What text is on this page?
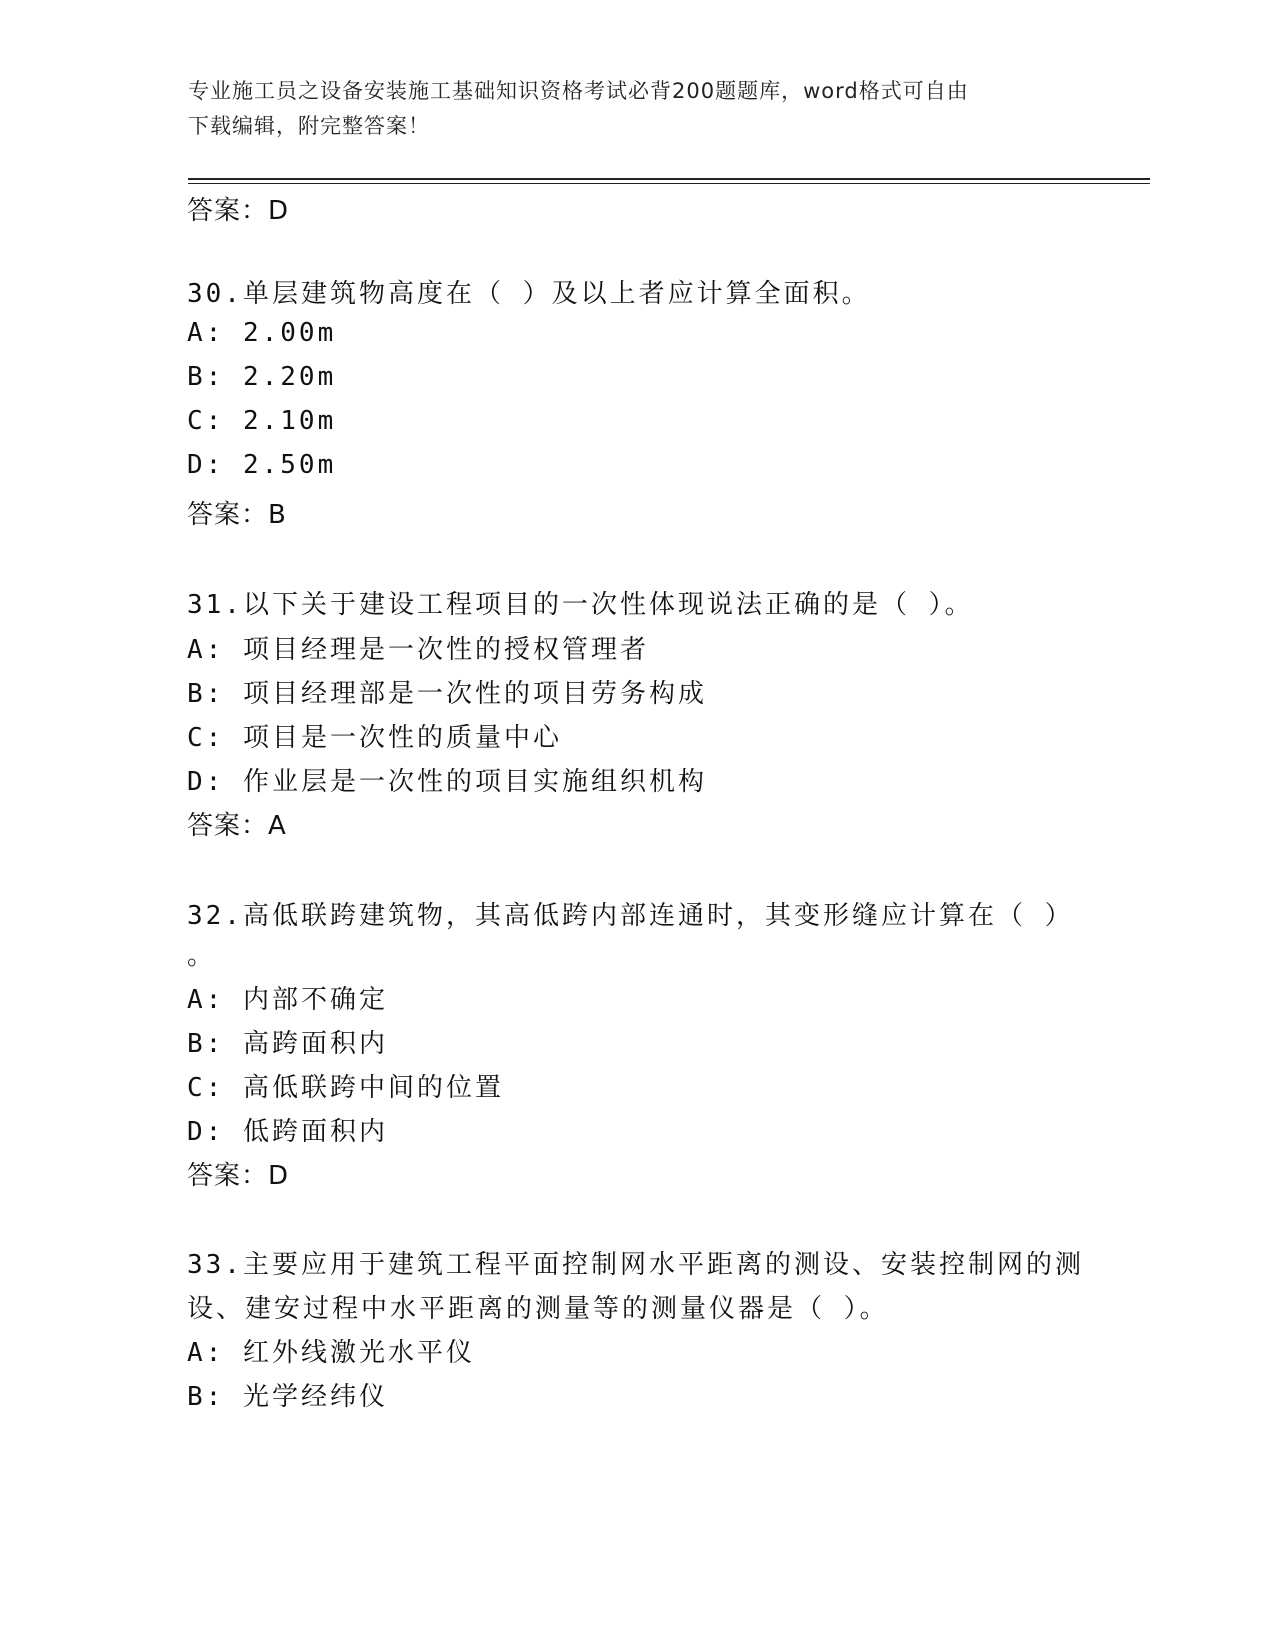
专业施工员之设备安装施工基础知识资格考试必背200题题库，word格式可自由
下载编辑，附完整答案！
答案：D
30.单层建筑物高度在（ ）及以上者应计算全面积。
A: 2.00m
B: 2.20m
C: 2.10m
D: 2.50m
答案：B
31.以下关于建设工程项目的一次性体现说法正确的是（ ）。
A: 项目经理是一次性的授权管理者
B: 项目经理部是一次性的项目劳务构成
C: 项目是一次性的质量中心
D: 作业层是一次性的项目实施组织机构
答案：A
32.高低联跨建筑物，其高低跨内部连通时，其变形缝应计算在（ ）
。
A: 内部不确定
B: 高跨面积内
C: 高低联跨中间的位置
D: 低跨面积内
答案：D
33.主要应用于建筑工程平面控制网水平距离的测设、安装控制网的测
设、建安过程中水平距离的测量等的测量仪器是（ ）。
A: 红外线激光水平仪
B: 光学经纬仪
